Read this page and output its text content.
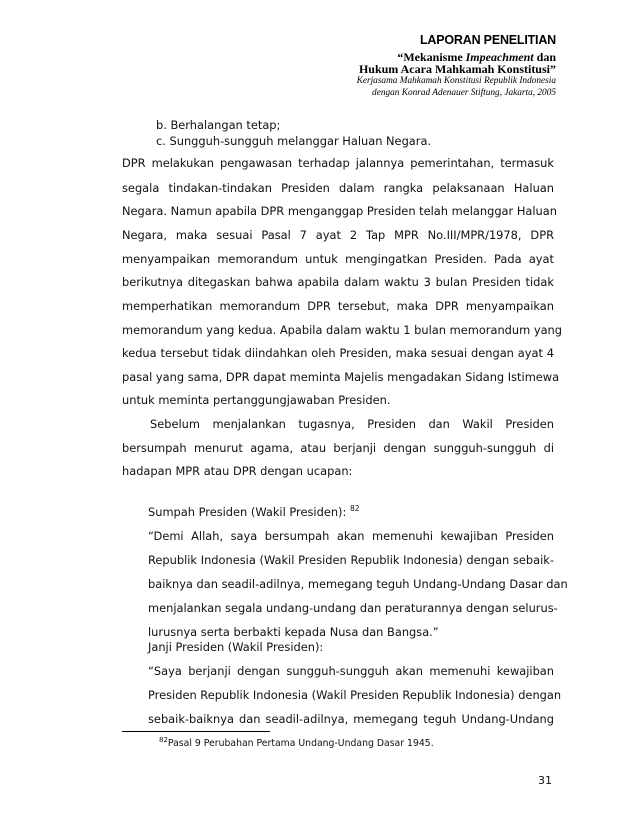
LAPORAN PENELITIAN
“Mekanisme Impeachment dan
Hukum Acara Mahkamah Konstitusi”
Kerjasama Mahkamah Konstitusi Republik Indonesia
dengan Konrad Adenauer Stiftung, Jakarta, 2005
b. Berhalangan tetap;
c. Sungguh-sungguh melanggar Haluan Negara.
DPR melakukan pengawasan terhadap jalannya pemerintahan, termasuk
segala tindakan-tindakan Presiden dalam rangka pelaksanaan Haluan
Negara. Namun apabila DPR menganggap Presiden telah melanggar Haluan
Negara, maka sesuai Pasal 7 ayat 2 Tap MPR No.III/MPR/1978, DPR
menyampaikan memorandum untuk mengingatkan Presiden. Pada ayat
berikutnya ditegaskan bahwa apabila dalam waktu 3 bulan Presiden tidak
memperhatikan memorandum DPR tersebut, maka DPR menyampaikan
memorandum yang kedua. Apabila dalam waktu 1 bulan memorandum yang
kedua tersebut tidak diindahkan oleh Presiden, maka sesuai dengan ayat 4
pasal yang sama, DPR dapat meminta Majelis mengadakan Sidang Istimewa
untuk meminta pertanggungjawaban Presiden.
Sebelum menjalankan tugasnya, Presiden dan Wakil Presiden
bersumpah menurut agama, atau berjanji dengan sungguh-sungguh di
hadapan MPR atau DPR dengan ucapan:
Sumpah Presiden (Wakil Presiden): $^{82}$
“Demi Allah, saya bersumpah akan memenuhi kewajiban Presiden
Republik Indonesia (Wakil Presiden Republik Indonesia) dengan sebaik-
baiknya dan seadil-adilnya, memegang teguh Undang-Undang Dasar dan
menjalankan segala undang-undang dan peraturannya dengan selurus-
lurusnya serta berbakti kepada Nusa dan Bangsa.”
Janji Presiden (Wakil Presiden):
“Saya berjanji dengan sungguh-sungguh akan memenuhi kewajiban
Presiden Republik Indonesia (Wakil Presiden Republik Indonesia) dengan
sebaik-baiknya dan seadil-adilnya, memegang teguh Undang-Undang
$^{82}$Pasal 9 Perubahan Pertama Undang-Undang Dasar 1945.
31
